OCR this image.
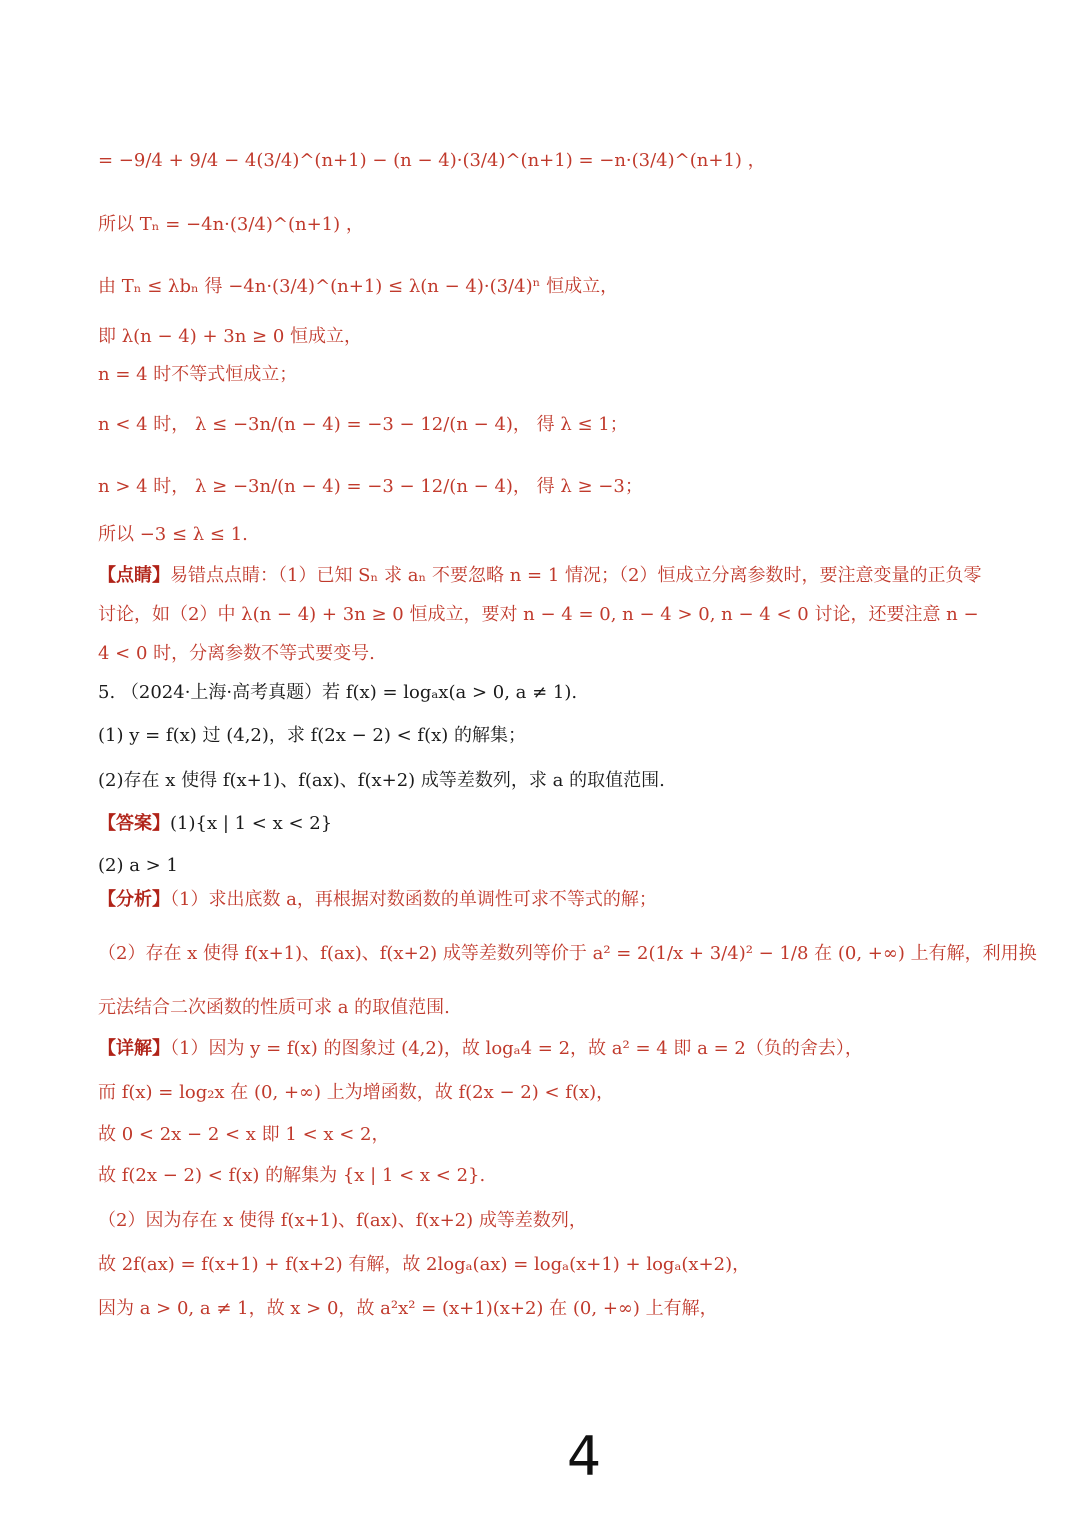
= −9/4 + 9/4 − 4(3/4)^(n+1) − (n − 4)·(3/4)^(n+1) = −n·(3/4)^(n+1) ，
所以 Tₙ = −4n·(3/4)^(n+1) ，
由 Tₙ ≤ λbₙ 得 −4n·(3/4)^(n+1) ≤ λ(n − 4)·(3/4)ⁿ 恒成立，
即 λ(n − 4) + 3n ≥ 0 恒成立，
n = 4 时不等式恒成立；
n < 4 时， λ ≤ −3n/(n − 4) = −3 − 12/(n − 4)， 得 λ ≤ 1；
n > 4 时， λ ≥ −3n/(n − 4) = −3 − 12/(n − 4)， 得 λ ≥ −3；
所以 −3 ≤ λ ≤ 1.
【点睛】易错点点睛：（1）已知 Sₙ 求 aₙ 不要忽略 n = 1 情况；（2）恒成立分离参数时，要注意变量的正负零讨论，如（2）中 λ(n − 4) + 3n ≥ 0 恒成立，要对 n − 4 = 0, n − 4 > 0, n − 4 < 0 讨论，还要注意 n − 4 < 0 时，分离参数不等式要变号.
5. （2024·上海·高考真题）若 f(x) = logₐx(a > 0, a ≠ 1).
(1) y = f(x) 过 (4,2)，求 f(2x − 2) < f(x) 的解集；
(2)存在 x 使得 f(x+1)、f(ax)、f(x+2) 成等差数列，求 a 的取值范围.
【答案】(1){x | 1 < x < 2}
(2) a > 1
【分析】（1）求出底数 a，再根据对数函数的单调性可求不等式的解；
（2）存在 x 使得 f(x+1)、f(ax)、f(x+2) 成等差数列等价于 a² = 2(1/x + 3/4)² − 1/8 在 (0, +∞) 上有解，利用换
元法结合二次函数的性质可求 a 的取值范围.
【详解】（1）因为 y = f(x) 的图象过 (4,2)，故 logₐ4 = 2，故 a² = 4 即 a = 2（负的舍去），
而 f(x) = log₂x 在 (0, +∞) 上为增函数，故 f(2x − 2) < f(x)，
故 0 < 2x − 2 < x 即 1 < x < 2，
故 f(2x − 2) < f(x) 的解集为 {x | 1 < x < 2}.
（2）因为存在 x 使得 f(x+1)、f(ax)、f(x+2) 成等差数列，
故 2f(ax) = f(x+1) + f(x+2) 有解，故 2logₐ(ax) = logₐ(x+1) + logₐ(x+2)，
因为 a > 0, a ≠ 1，故 x > 0，故 a²x² = (x+1)(x+2) 在 (0, +∞) 上有解，
4
